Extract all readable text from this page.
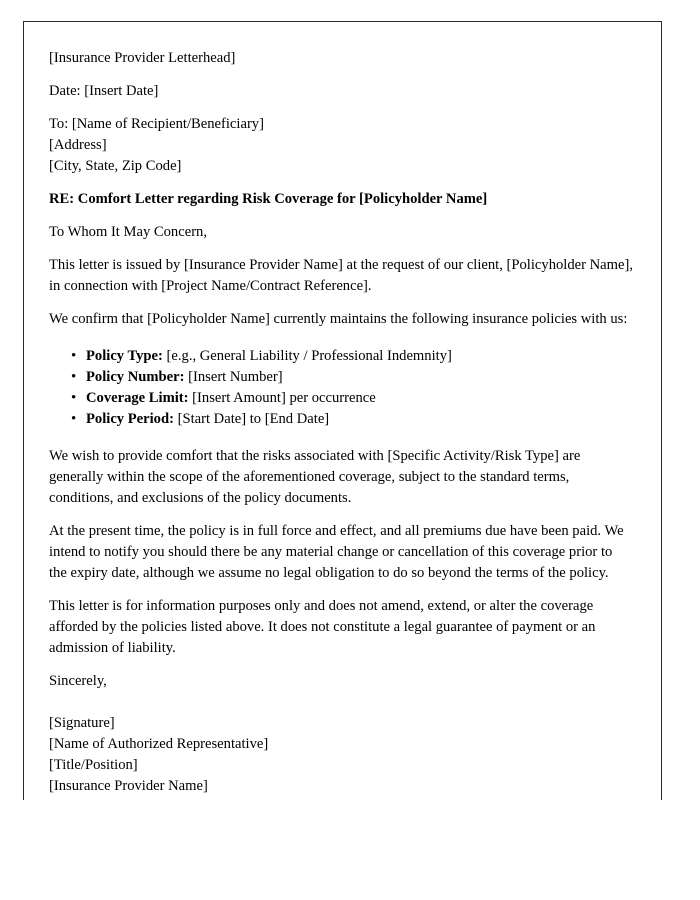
[Insurance Provider Letterhead]
Date: [Insert Date]
To: [Name of Recipient/Beneficiary]
[Address]
[City, State, Zip Code]
RE: Comfort Letter regarding Risk Coverage for [Policyholder Name]
To Whom It May Concern,

This letter is issued by [Insurance Provider Name] at the request of our client, [Policyholder Name], in connection with [Project Name/Contract Reference].

We confirm that [Policyholder Name] currently maintains the following insurance policies with us:

• Policy Type: [e.g., General Liability / Professional Indemnity]
• Policy Number: [Insert Number]
• Coverage Limit: [Insert Amount] per occurrence
• Policy Period: [Start Date] to [End Date]

We wish to provide comfort that the risks associated with [Specific Activity/Risk Type] are generally within the scope of the aforementioned coverage, subject to the standard terms, conditions, and exclusions of the policy documents.

At the present time, the policy is in full force and effect, and all premiums due have been paid. We intend to notify you should there be any material change or cancellation of this coverage prior to the expiry date, although we assume no legal obligation to do so beyond the terms of the policy.

This letter is for information purposes only and does not amend, extend, or alter the coverage afforded by the policies listed above. It does not constitute a legal guarantee of payment or an admission of liability.

Sincerely,
[Signature]
[Name of Authorized Representative]
[Title/Position]
[Insurance Provider Name]
